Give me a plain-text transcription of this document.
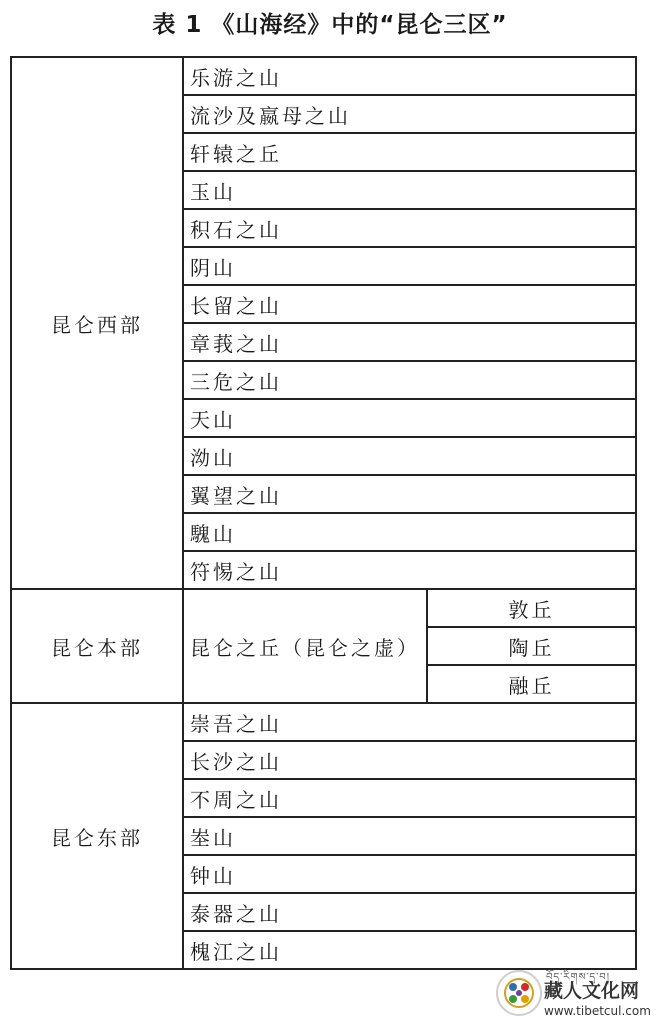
表 1 《山海经》中的“昆仑三区”
昆仑西部	乐游之山	
	流沙及嬴母之山	
	轩辕之丘	
	玉山	
	积石之山	
	阴山	
	长留之山	
	章莪之山	
	三危之山	
	天山	
	泑山	
	翼望之山	
	騩山	
	符惕之山	
昆仑本部	昆仑之丘（昆仑之虚）	敦丘
		陶丘
		融丘
昆仑东部	崇吾之山	
	长沙之山	
	不周之山	
	峚山	
	钟山	
	泰器之山	
	槐江之山	
བོད་རིགས་དྲ་བ།
藏人文化网
www.tibetcul.com
